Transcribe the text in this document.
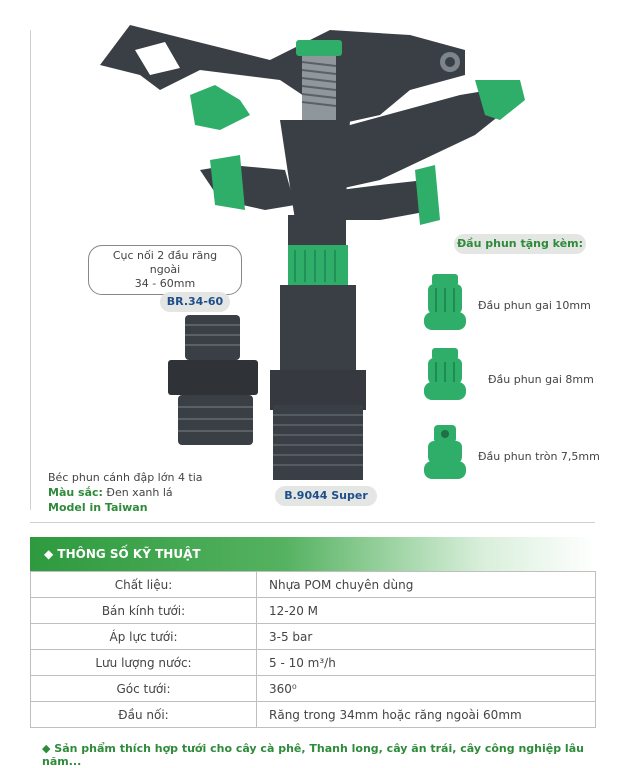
Cục nối 2 đầu răng ngoài
34 - 60mm
BR.34-60
B.9044 Super
Đầu phun tặng kèm:
Đầu phun gai 10mm
Đầu phun gai 8mm
Đầu phun tròn 7,5mm
Béc phun cánh đập lớn 4 tia
Màu sắc: Đen xanh lá
Model in Taiwan
◆ THÔNG SỐ KỸ THUẬT
Chất liệu:	Nhựa POM chuyên dùng
Bán kính tưới:	12-20 M
Áp lực tưới:	3-5 bar
Lưu lượng nước:	5 - 10 m³/h
Góc tưới:	360⁰
Đầu nối:	Răng trong 34mm hoặc răng ngoài 60mm
◆ Sản phẩm thích hợp tưới cho cây cà phê, Thanh long, cây ăn trái, cây công nghiệp lâu năm...
